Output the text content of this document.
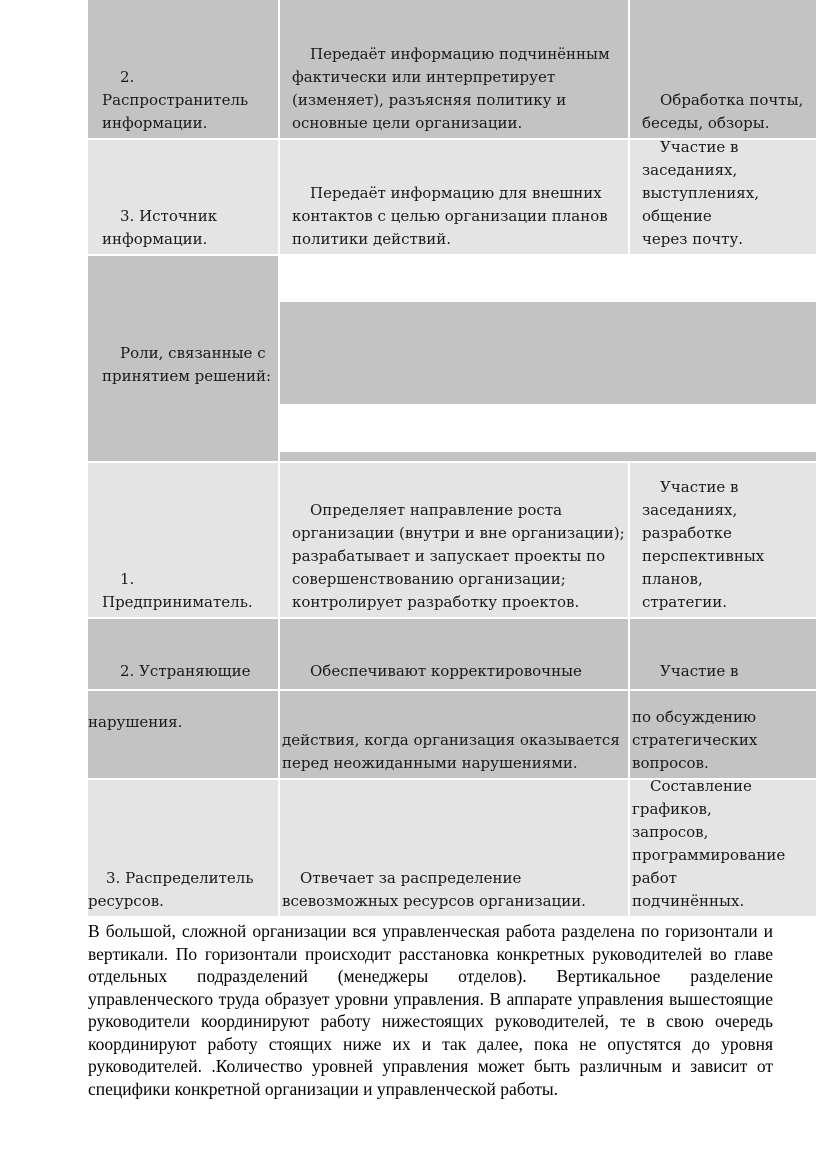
2.
Распространитель
информации.
Передаёт информацию подчинённым
фактически или интерпретирует
(изменяет), разъясняя политику и
основные цели организации.
Обработка почты,
беседы, обзоры.
3. Источник
информации.
Передаёт информацию для внешних
контактов с целью организации планов
политики действий.
Участие в заседаниях,
выступлениях, общение
через почту.
Роли, связанные с
принятием решений:
1.
Предприниматель.
Определяет направление роста
организации (внутри и вне организации);
разрабатывает и запускает проекты по
совершенствованию организации;
контролирует разработку проектов.
Участие в заседаниях,
разработке
перспективных планов,
стратегии.
2. Устраняющие	Обеспечивают корректировочные	Участие в
нарушения.
действия, когда организация оказывается
перед неожиданными нарушениями.
по обсуждению
стратегических вопросов.
3. Распределитель
ресурсов.
Отвечает за распределение
всевозможных ресурсов организации.
Составление графиков,
запросов,
программирование работ
подчинённых.

В большой, сложной организации вся управленческая работа разделена по горизонтали и вертикали. По горизонтали происходит расстановка конкретных руководителей во главе отдельных подразделений (менеджеры отделов). Вертикальное разделение управленческого труда образует уровни управления. В аппарате управления вышестоящие руководители координируют работу нижестоящих руководителей, те в свою очередь координируют работу стоящих ниже их и так далее, пока не опустятся до уровня руководителей. .Количество уровней управления может быть различным и зависит от специфики конкретной организации и управленческой работы.
